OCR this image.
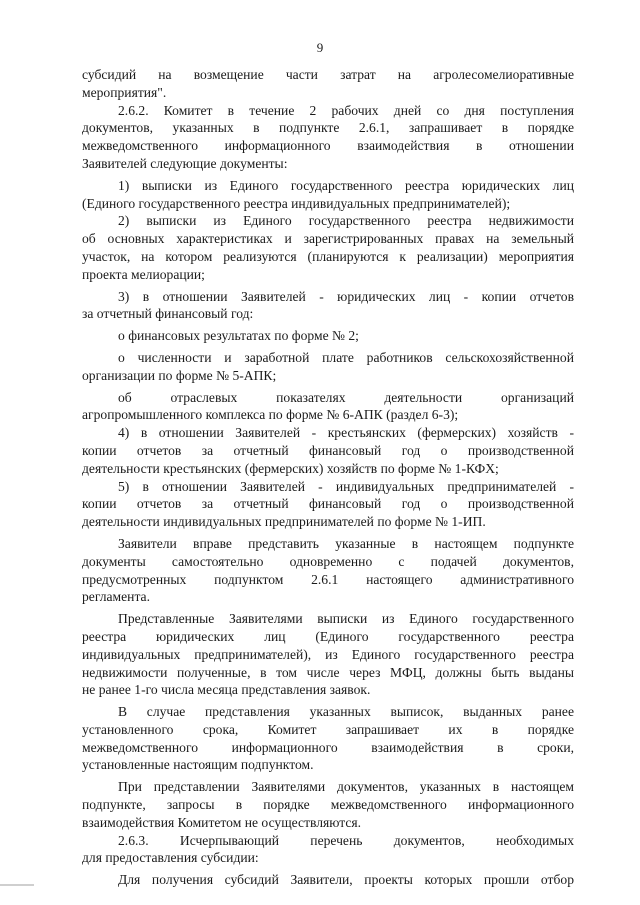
9
субсидий на возмещение части затрат на агролесомелиоративные
мероприятия".
2.6.2. Комитет в течение 2 рабочих дней со дня поступления
документов, указанных в подпункте 2.6.1, запрашивает в порядке
межведомственного информационного взаимодействия в отношении
Заявителей следующие документы:
1) выписки из Единого государственного реестра юридических лиц
(Единого государственного реестра индивидуальных предпринимателей);
2) выписки из Единого государственного реестра недвижимости
об основных характеристиках и зарегистрированных правах на земельный
участок, на котором реализуются (планируются к реализации) мероприятия
проекта мелиорации;
3) в отношении Заявителей - юридических лиц - копии отчетов
за отчетный финансовый год:
о финансовых результатах по форме № 2;
о численности и заработной плате работников сельскохозяйственной
организации по форме № 5-АПК;
об отраслевых показателях деятельности организаций
агропромышленного комплекса по форме № 6-АПК (раздел 6-3);
4) в отношении Заявителей - крестьянских (фермерских) хозяйств -
копии отчетов за отчетный финансовый год о производственной
деятельности крестьянских (фермерских) хозяйств по форме № 1-КФХ;
5) в отношении Заявителей - индивидуальных предпринимателей -
копии отчетов за отчетный финансовый год о производственной
деятельности индивидуальных предпринимателей по форме № 1-ИП.
Заявители вправе представить указанные в настоящем подпункте
документы самостоятельно одновременно с подачей документов,
предусмотренных подпунктом 2.6.1 настоящего административного
регламента.
Представленные Заявителями выписки из Единого государственного
реестра юридических лиц (Единого государственного реестра
индивидуальных предпринимателей), из Единого государственного реестра
недвижимости полученные, в том числе через МФЦ, должны быть выданы
не ранее 1-го числа месяца представления заявок.
В случае представления указанных выписок, выданных ранее
установленного срока, Комитет запрашивает их в порядке
межведомственного информационного взаимодействия в сроки,
установленные настоящим подпунктом.
При представлении Заявителями документов, указанных в настоящем
подпункте, запросы в порядке межведомственного информационного
взаимодействия Комитетом не осуществляются.
2.6.3. Исчерпывающий перечень документов, необходимых
для предоставления субсидии:
Для получения субсидий Заявители, проекты которых прошли отбор
